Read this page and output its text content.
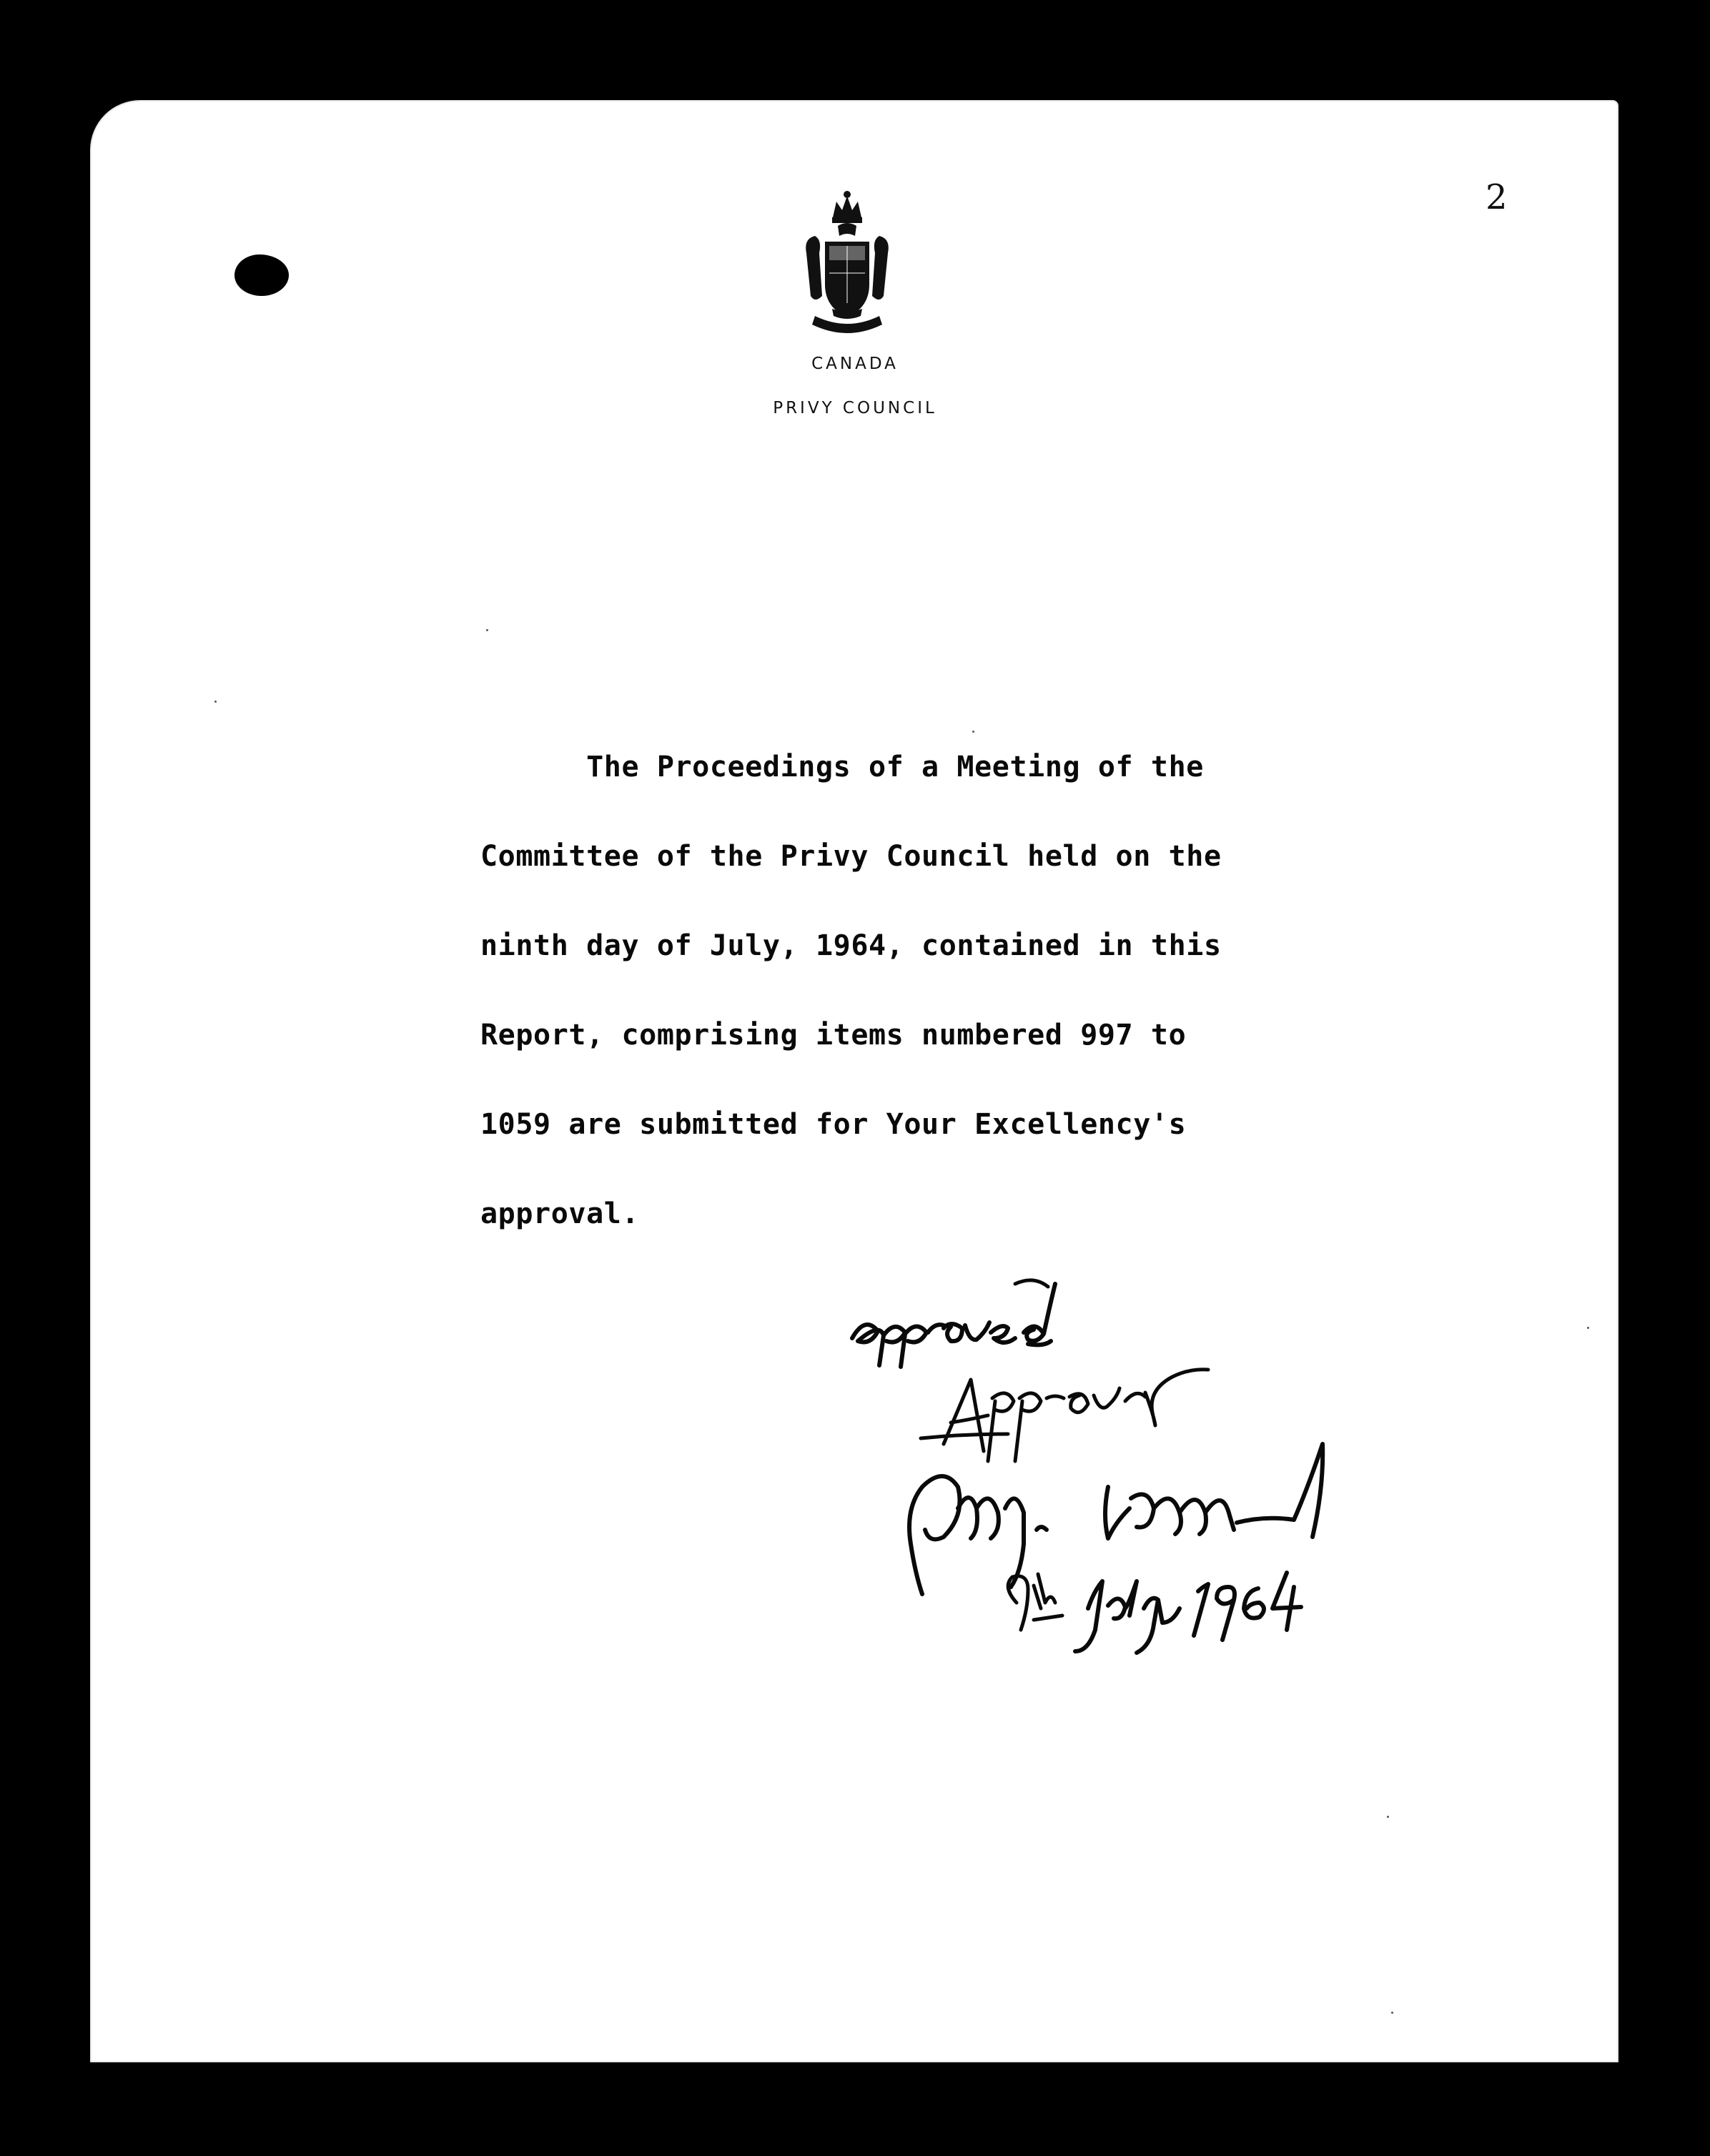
2
CANADA
PRIVY COUNCIL
The Proceedings of a Meeting of the
Committee of the Privy Council held on the
ninth day of July, 1964, contained in this
Report, comprising items numbered 997 to
1059 are submitted for Your Excellency's
approval.
